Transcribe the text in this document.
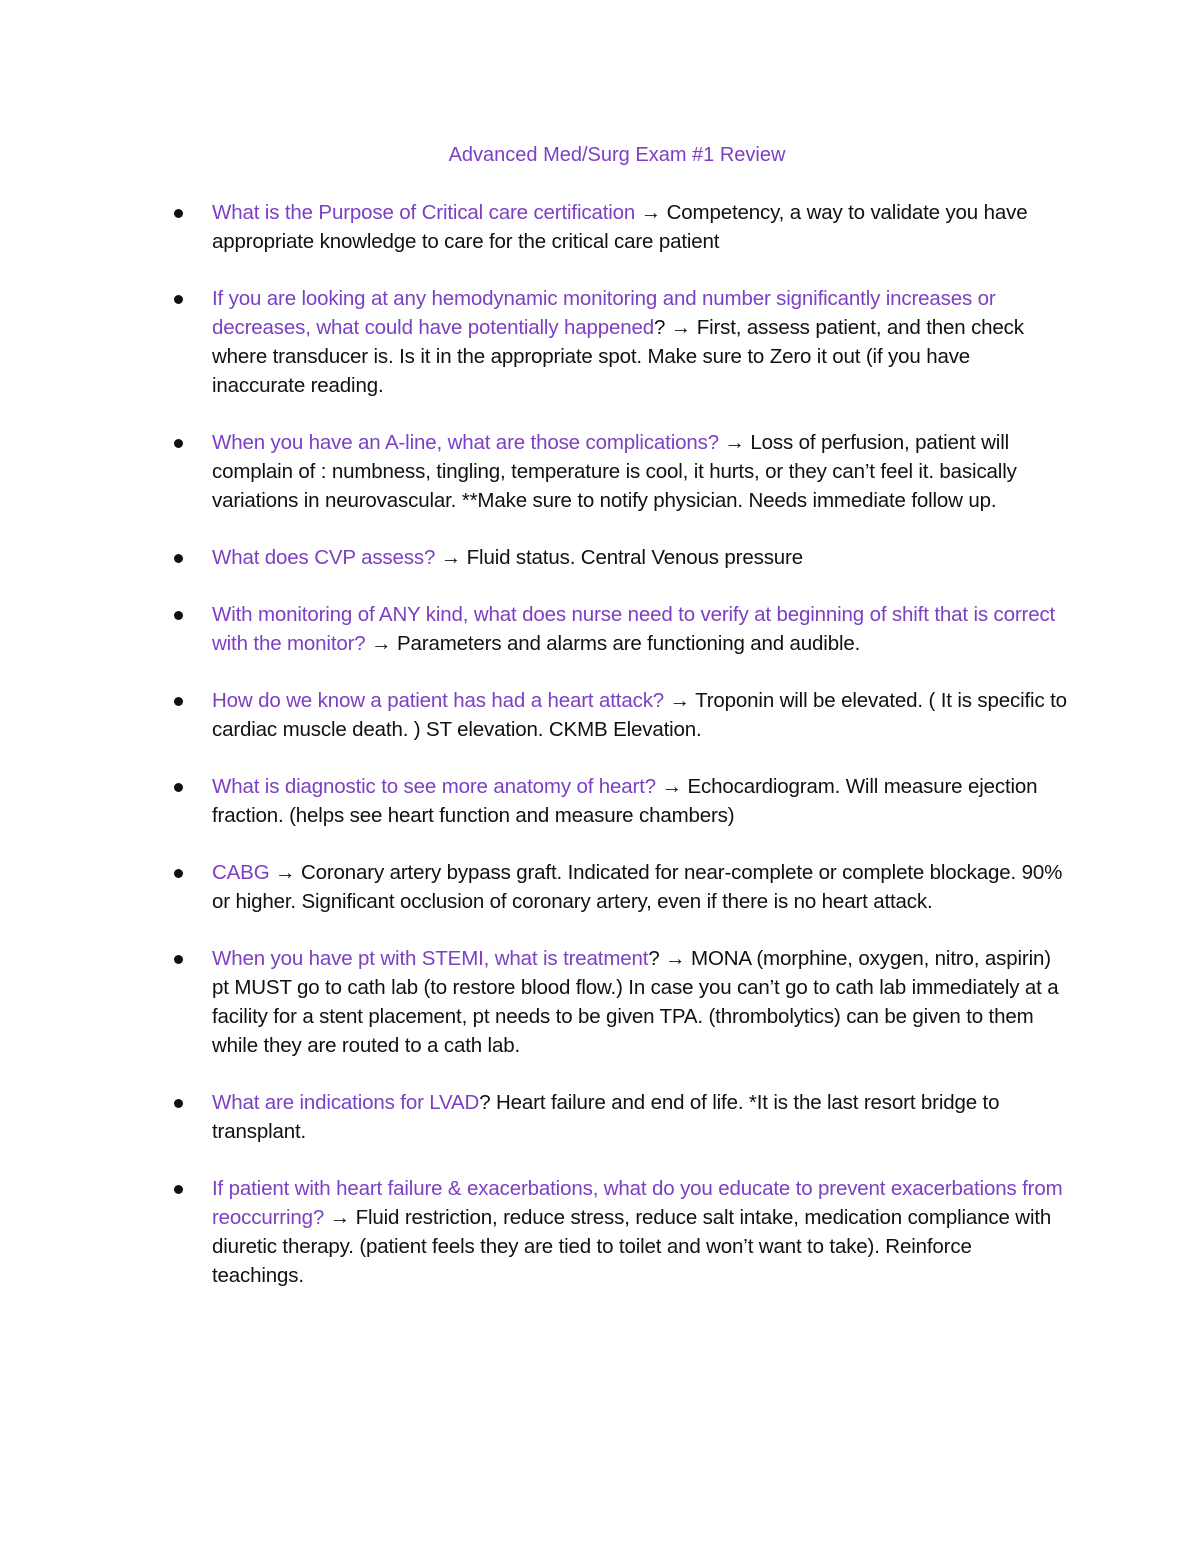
Advanced Med/Surg Exam #1 Review
What is the Purpose of Critical care certification → Competency, a way to validate you have appropriate knowledge to care for the critical care patient
If you are looking at any hemodynamic monitoring and number significantly increases or decreases, what could have potentially happened? → First, assess patient, and then check where transducer is. Is it in the appropriate spot. Make sure to Zero it out (if you have inaccurate reading.
When you have an A-line, what are those complications? → Loss of perfusion, patient will complain of : numbness, tingling, temperature is cool, it hurts, or they can’t feel it. basically variations in neurovascular. **Make sure to notify physician. Needs immediate follow up.
What does CVP assess? → Fluid status. Central Venous pressure
With monitoring of ANY kind, what does nurse need to verify at beginning of shift that is correct with the monitor? → Parameters and alarms are functioning and audible.
How do we know a patient has had a heart attack? → Troponin will be elevated. ( It is specific to cardiac muscle death. ) ST elevation. CKMB Elevation.
What is diagnostic to see more anatomy of heart? → Echocardiogram. Will measure ejection fraction. (helps see heart function and measure chambers)
CABG → Coronary artery bypass graft. Indicated for near-complete or complete blockage. 90% or higher. Significant occlusion of coronary artery, even if there is no heart attack.
When you have pt with STEMI, what is treatment? → MONA (morphine, oxygen, nitro, aspirin) pt MUST go to cath lab (to restore blood flow.) In case you can’t go to cath lab immediately at a facility for a stent placement, pt needs to be given TPA. (thrombolytics) can be given to them while they are routed to a cath lab.
What are indications for LVAD? Heart failure and end of life. *It is the last resort bridge to transplant.
If patient with heart failure & exacerbations, what do you educate to prevent exacerbations from reoccurring? → Fluid restriction, reduce stress, reduce salt intake, medication compliance with diuretic therapy. (patient feels they are tied to toilet and won’t want to take). Reinforce teachings.
